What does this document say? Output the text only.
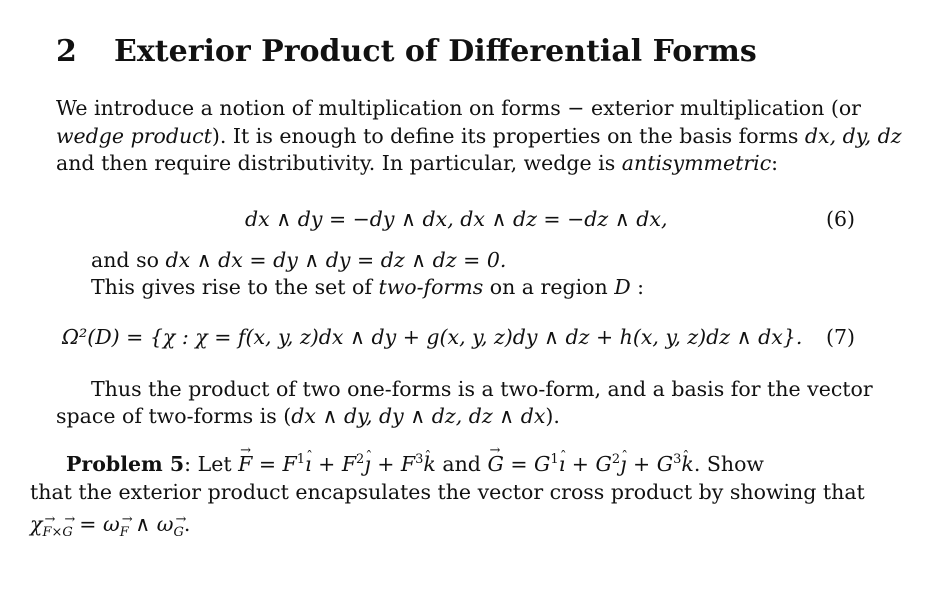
2 Exterior Product of Differential Forms
We introduce a notion of multiplication on forms − exterior multiplication (or
wedge product). It is enough to define its properties on the basis forms dx, dy, dz
and then require distributivity. In particular, wedge is antisymmetric:
dx ∧ dy = −dy ∧ dx, dx ∧ dz = −dz ∧ dx,	(6)
and so dx ∧ dx = dy ∧ dy = dz ∧ dz = 0.
This gives rise to the set of two-forms on a region D :
Ω²(D) = {χ : χ = f(x, y, z)dx ∧ dy + g(x, y, z)dy ∧ dz + h(x, y, z)dz ∧ dx}. (7)
Thus the product of two one-forms is a two-form, and a basis for the vector
space of two-forms is (dx ∧ dy, dy ∧ dz, dz ∧ dx).
Problem 5: Let → $F = F^1ˆ$ ı + $F^2ˆ$ ȷ + $F^3ˆ$ k and → $G = G^1ˆ$ ı + $G^2ˆ$ ȷ + $G^3ˆ$ k. Show
that the exterior product encapsulates the vector cross product by showing that
$\chi_{F\times G} = \omega_F$ ∧ $\omega_G$.
